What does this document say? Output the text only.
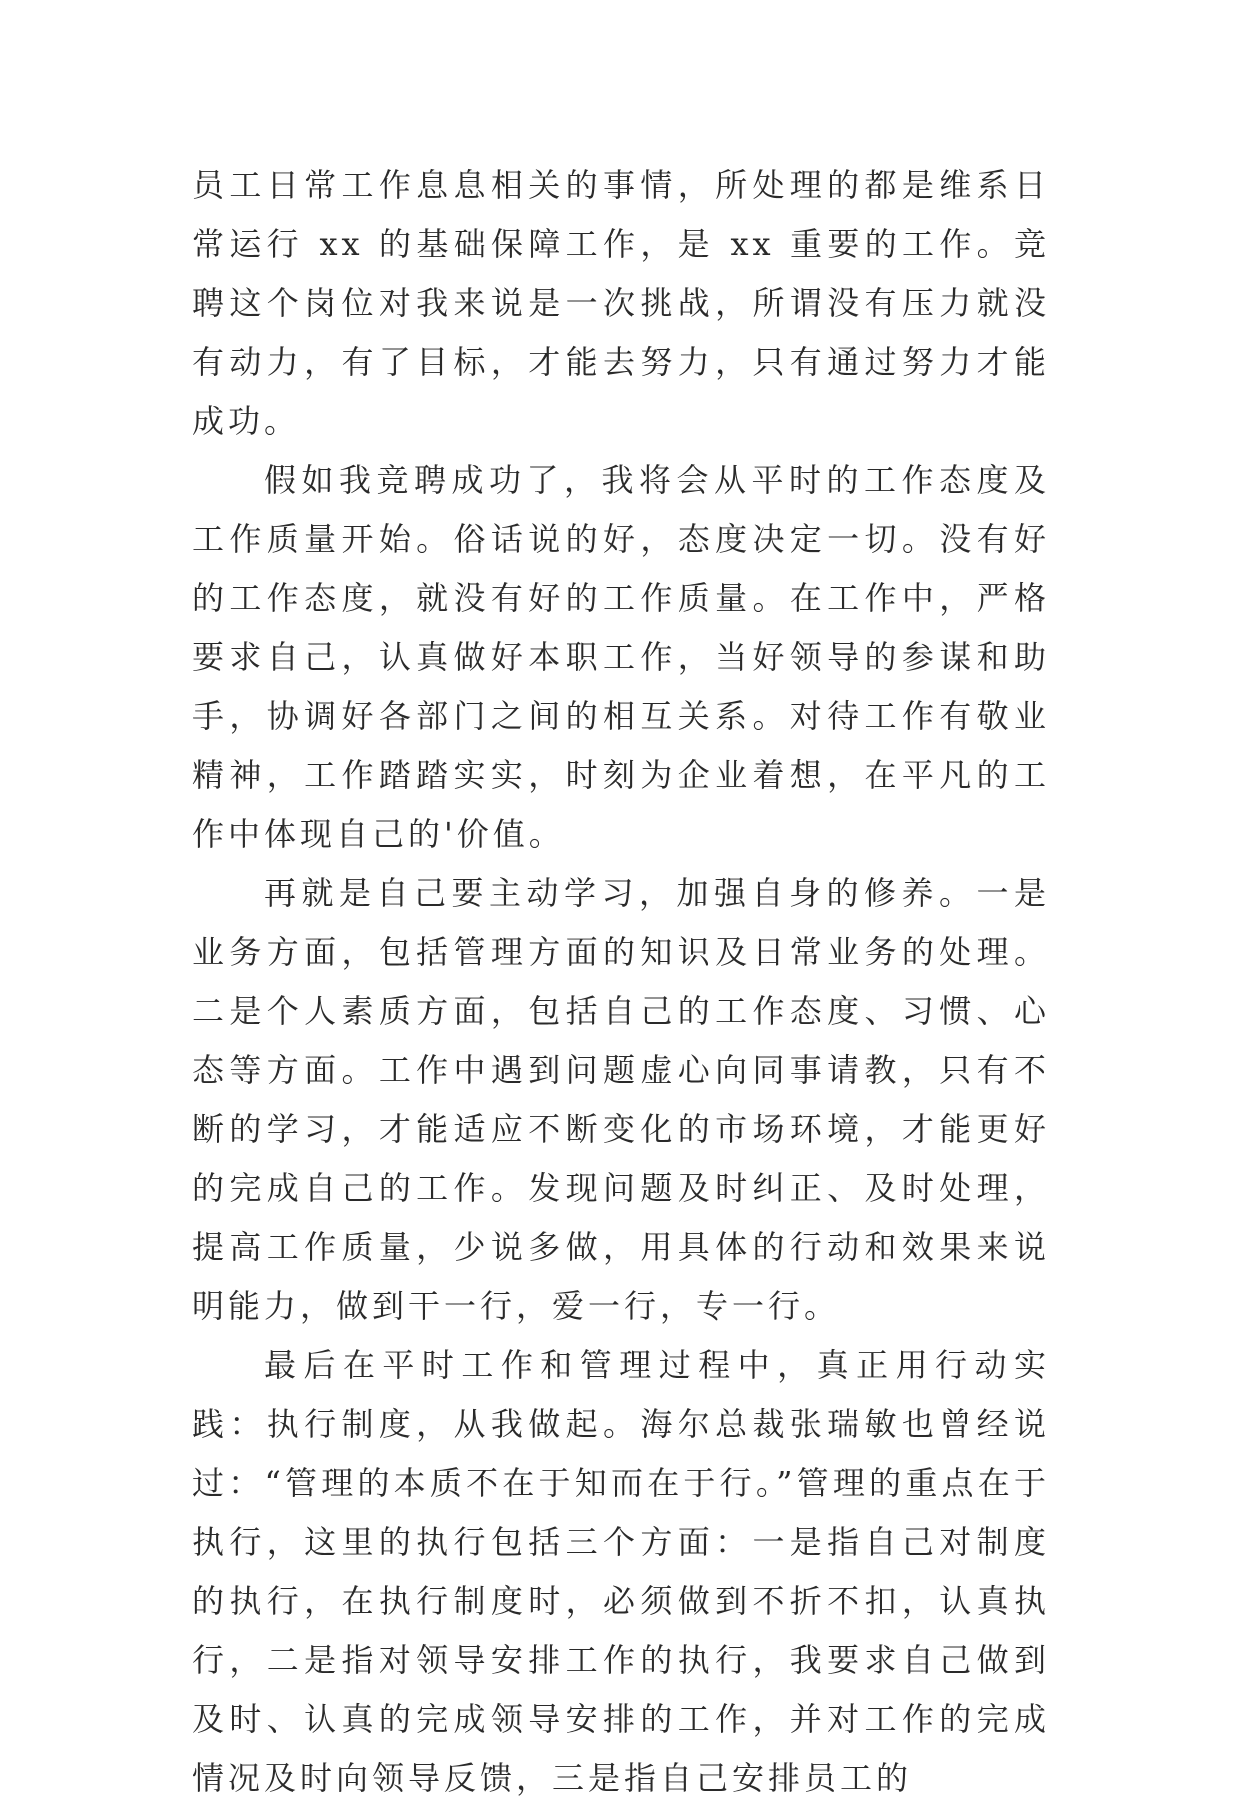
员工日常工作息息相关的事情，所处理的都是维系日常运行 xx 的基础保障工作，是 xx 重要的工作。竞聘这个岗位对我来说是一次挑战，所谓没有压力就没有动力，有了目标，才能去努力，只有通过努力才能成功。

假如我竞聘成功了，我将会从平时的工作态度及工作质量开始。俗话说的好，态度决定一切。没有好的工作态度，就没有好的工作质量。在工作中，严格要求自己，认真做好本职工作，当好领导的参谋和助手，协调好各部门之间的相互关系。对待工作有敬业精神，工作踏踏实实，时刻为企业着想，在平凡的工作中体现自己的'价值。

再就是自己要主动学习，加强自身的修养。一是业务方面，包括管理方面的知识及日常业务的处理。二是个人素质方面，包括自己的工作态度、习惯、心态等方面。工作中遇到问题虚心向同事请教，只有不断的学习，才能适应不断变化的市场环境，才能更好的完成自己的工作。发现问题及时纠正、及时处理，提高工作质量，少说多做，用具体的行动和效果来说明能力，做到干一行，爱一行，专一行。

最后在平时工作和管理过程中，真正用行动实践：执行制度，从我做起。海尔总裁张瑞敏也曾经说过：“管理的本质不在于知而在于行。”管理的重点在于执行，这里的执行包括三个方面：一是指自己对制度的执行，在执行制度时，必须做到不折不扣，认真执行，二是指对领导安排工作的执行，我要求自己做到及时、认真的完成领导安排的工作，并对工作的完成情况及时向领导反馈，三是指自己安排员工的
